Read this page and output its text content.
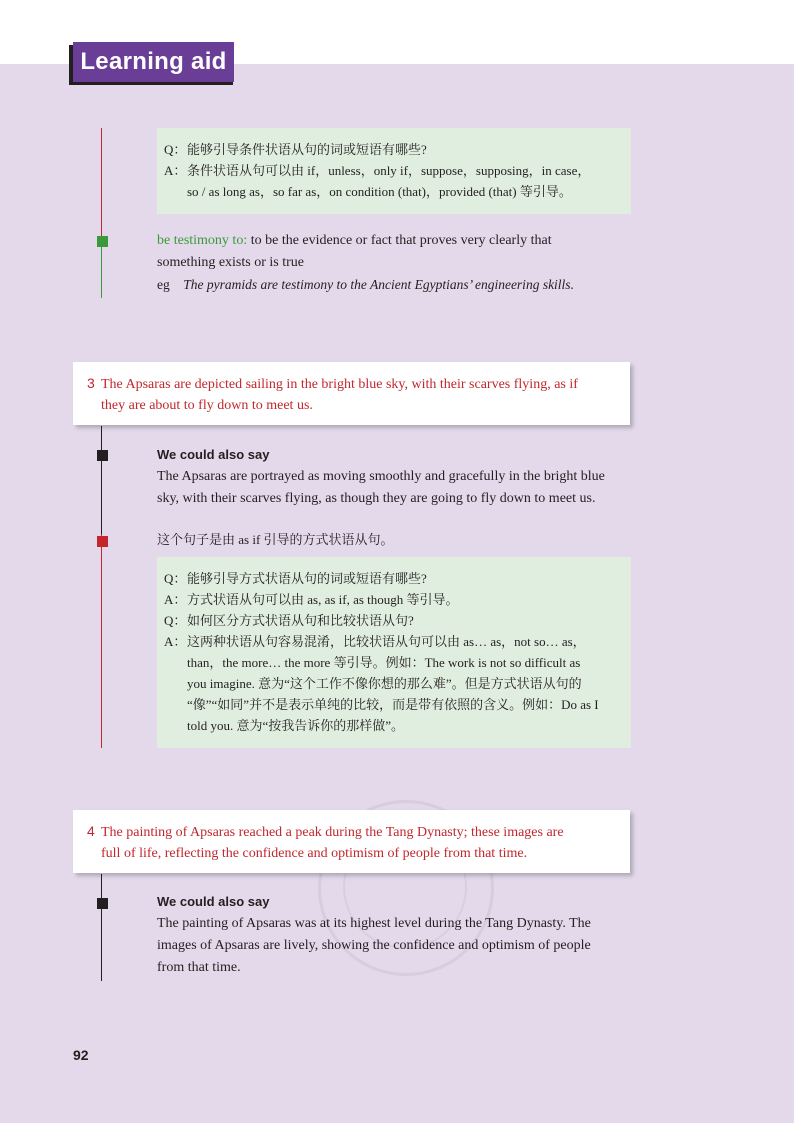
Learning aid
Q：能够引导条件状语从句的词或短语有哪些?
A：条件状语从句可以由 if，unless，only if，suppose，supposing，in case，
so / as long as，so far as，on condition (that)，provided (that) 等引导。
be testimony to: to be the evidence or fact that proves very clearly that
something exists or is true
eg The pyramids are testimony to the Ancient Egyptians’ engineering skills.
3 The Apsaras are depicted sailing in the bright blue sky, with their scarves flying, as if
they are about to fly down to meet us.
We could also say
The Apsaras are portrayed as moving smoothly and gracefully in the bright blue
sky, with their scarves flying, as though they are going to fly down to meet us.
这个句子是由 as if 引导的方式状语从句。
Q：能够引导方式状语从句的词或短语有哪些?
A：方式状语从句可以由 as, as if, as though 等引导。
Q：如何区分方式状语从句和比较状语从句?
A：这两种状语从句容易混淆，比较状语从句可以由 as… as，not so… as，
than，the more… the more 等引导。例如：The work is not so difficult as
you imagine. 意为“这个工作不像你想的那么难”。但是方式状语从句的
“像”“如同”并不是表示单纯的比较，而是带有依照的含义。例如：Do as I
told you. 意为“按我告诉你的那样做”。
4 The painting of Apsaras reached a peak during the Tang Dynasty; these images are
full of life, reflecting the confidence and optimism of people from that time.
We could also say
The painting of Apsaras was at its highest level during the Tang Dynasty. The
images of Apsaras are lively, showing the confidence and optimism of people
from that time.
92
